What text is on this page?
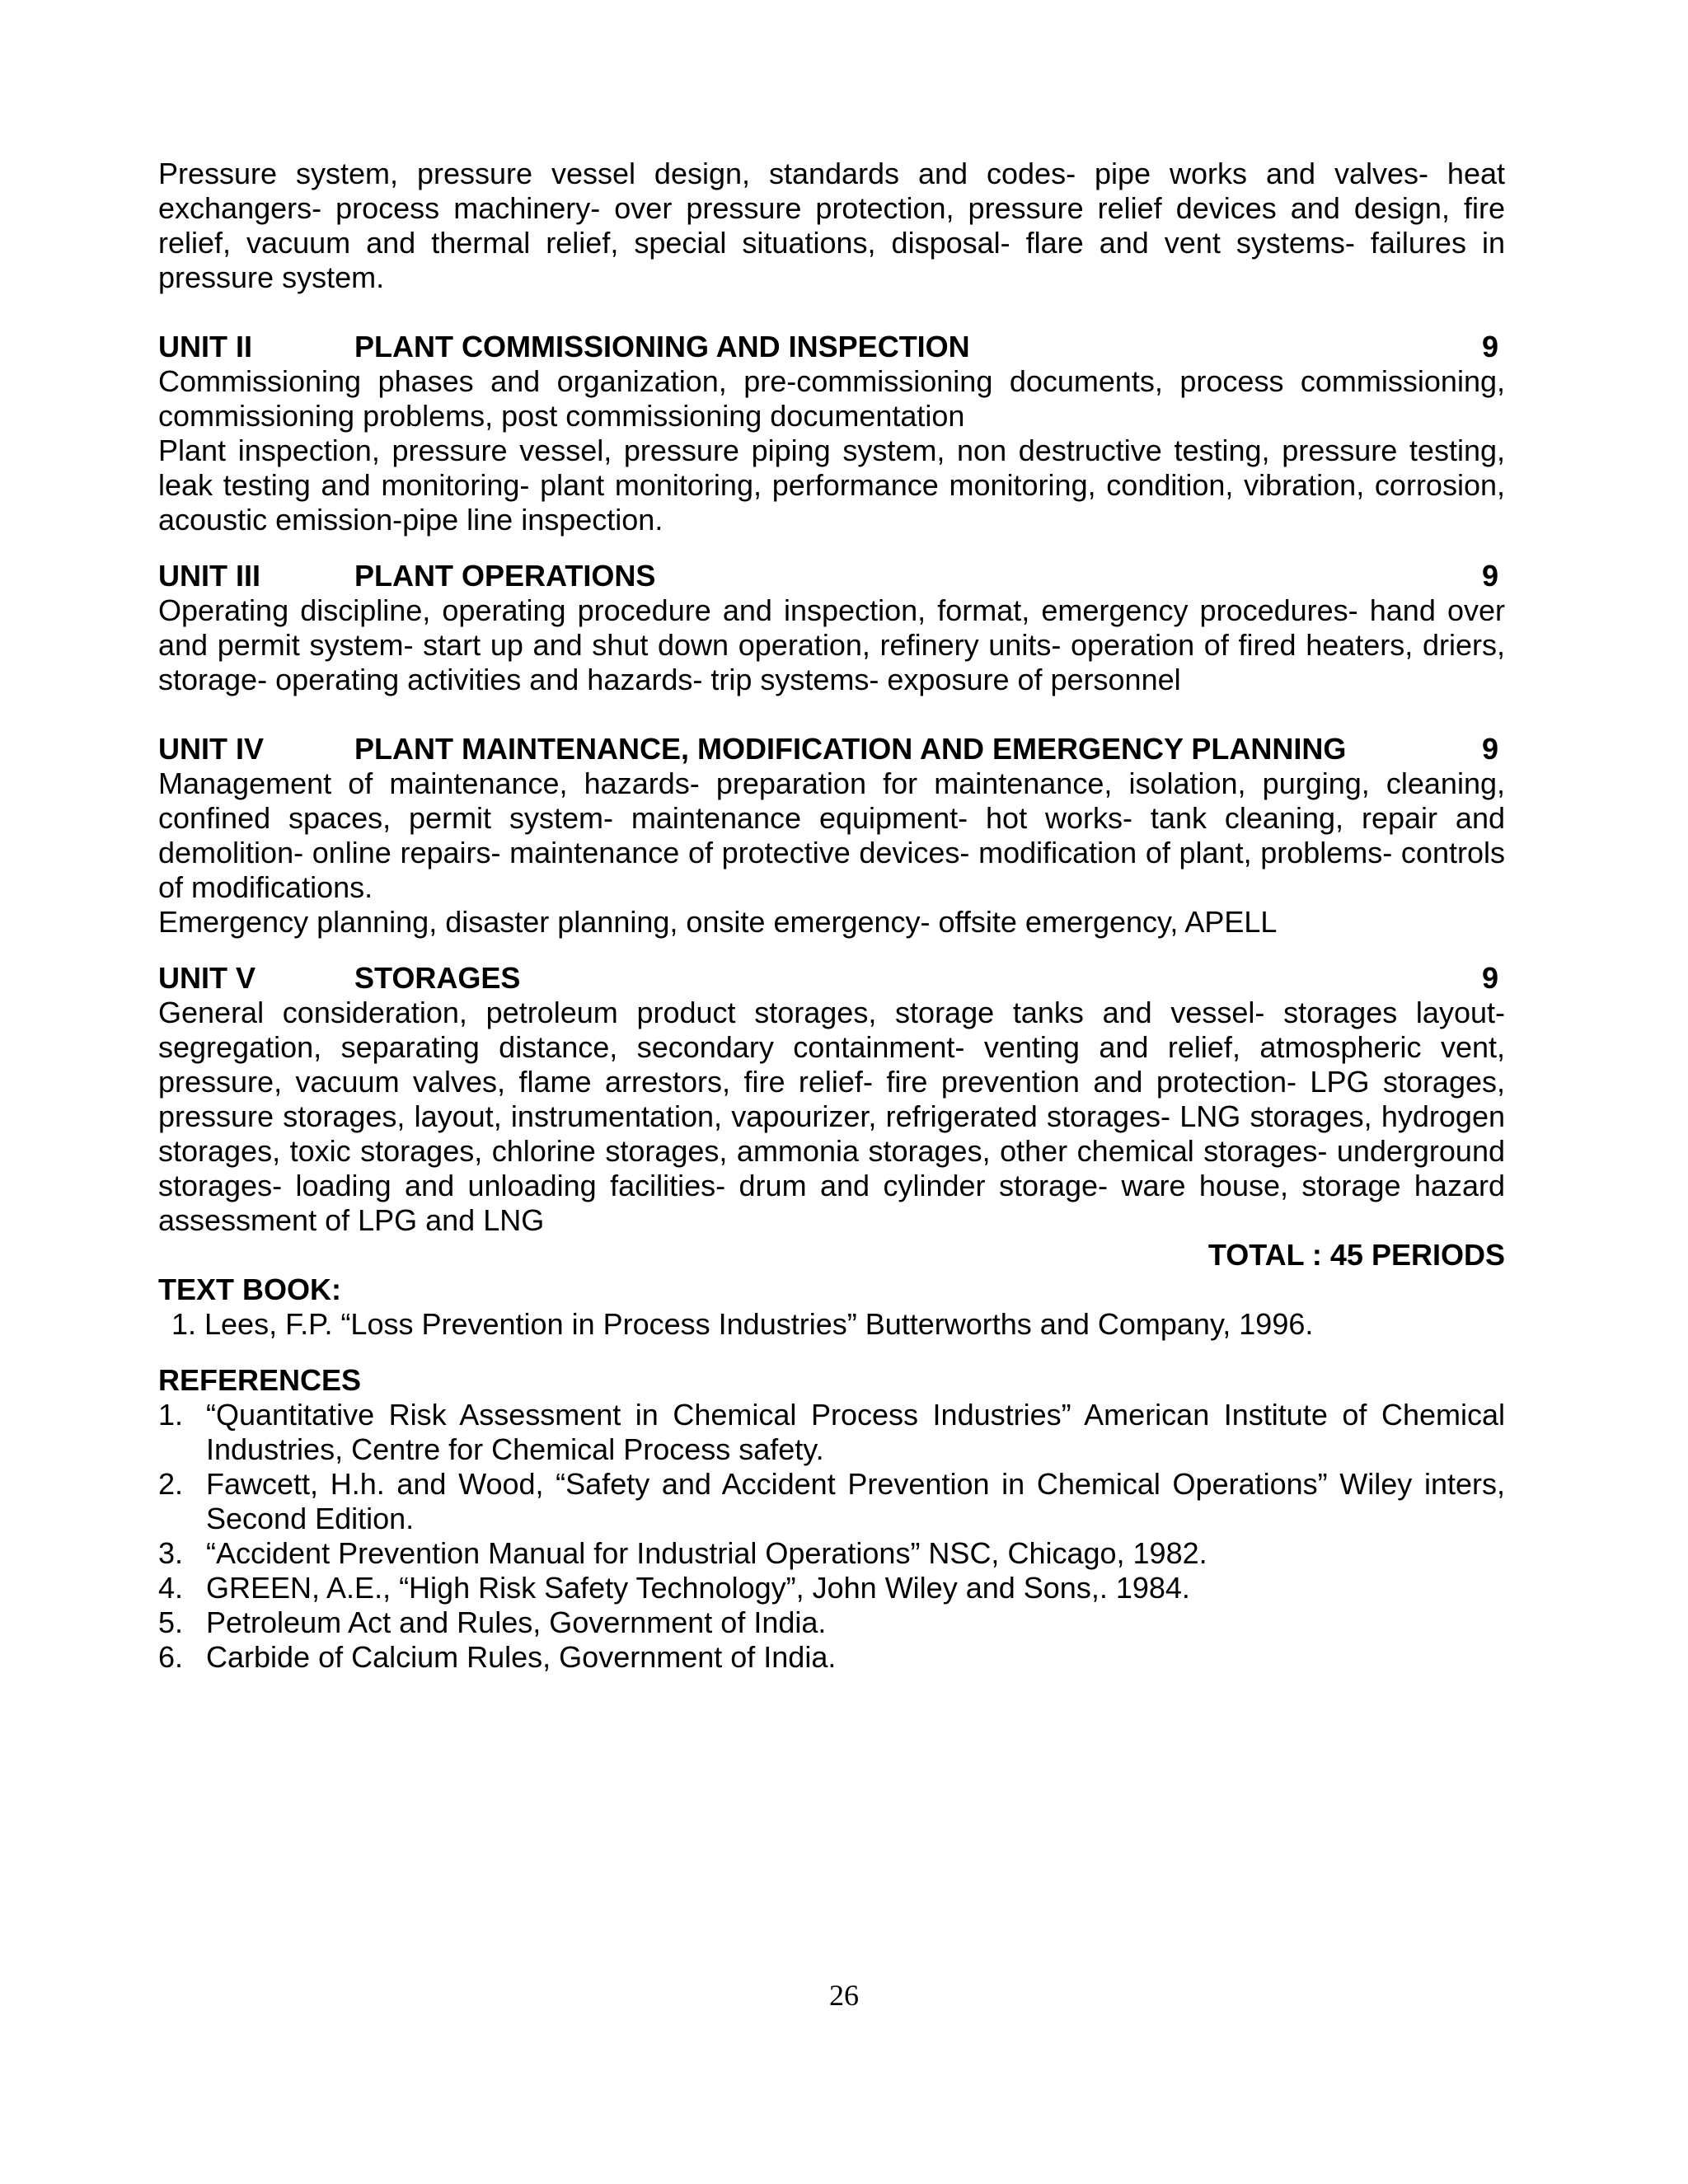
Pressure system, pressure vessel design, standards and codes- pipe works and valves- heat exchangers- process machinery- over pressure protection, pressure relief devices and design, fire relief, vacuum and thermal relief, special situations, disposal- flare and vent systems- failures in pressure system.

UNIT II	PLANT COMMISSIONING AND INSPECTION	9

Commissioning phases and organization, pre-commissioning documents, process commissioning, commissioning problems, post commissioning documentation

Plant inspection, pressure vessel, pressure piping system, non destructive testing, pressure testing, leak testing and monitoring- plant monitoring, performance monitoring, condition, vibration, corrosion, acoustic emission-pipe line inspection.

UNIT III	PLANT OPERATIONS	9

Operating discipline, operating procedure and inspection, format, emergency procedures- hand over and permit system- start up and shut down operation, refinery units- operation of fired heaters, driers, storage- operating activities and hazards- trip systems- exposure of personnel

UNIT IV	PLANT MAINTENANCE, MODIFICATION AND EMERGENCY PLANNING	9

Management of maintenance, hazards- preparation for maintenance, isolation, purging, cleaning, confined spaces, permit system- maintenance equipment- hot works- tank cleaning, repair and demolition- online repairs- maintenance of protective devices- modification of plant, problems- controls of modifications.

Emergency planning, disaster planning, onsite emergency- offsite emergency, APELL

UNIT V	STORAGES	9

General consideration, petroleum product storages, storage tanks and vessel- storages layout- segregation, separating distance, secondary containment- venting and relief, atmospheric vent, pressure, vacuum valves, flame arrestors, fire relief- fire prevention and protection- LPG storages, pressure storages, layout, instrumentation, vapourizer, refrigerated storages- LNG storages, hydrogen storages, toxic storages, chlorine storages, ammonia storages, other chemical storages- underground storages- loading and unloading facilities- drum and cylinder storage- ware house, storage hazard assessment of LPG and LNG

TOTAL : 45 PERIODS
TEXT BOOK:
1. Lees, F.P. “Loss Prevention in Process Industries” Butterworths and Company, 1996.
REFERENCES
1. “Quantitative Risk Assessment in Chemical Process Industries” American Institute of Chemical Industries, Centre for Chemical Process safety.
2. Fawcett, H.h. and Wood, “Safety and Accident Prevention in Chemical Operations” Wiley inters, Second Edition.
3. “Accident Prevention Manual for Industrial Operations” NSC, Chicago, 1982.
4. GREEN, A.E., “High Risk Safety Technology”, John Wiley and Sons,. 1984.
5. Petroleum Act and Rules, Government of India.
6. Carbide of Calcium Rules, Government of India.
26
